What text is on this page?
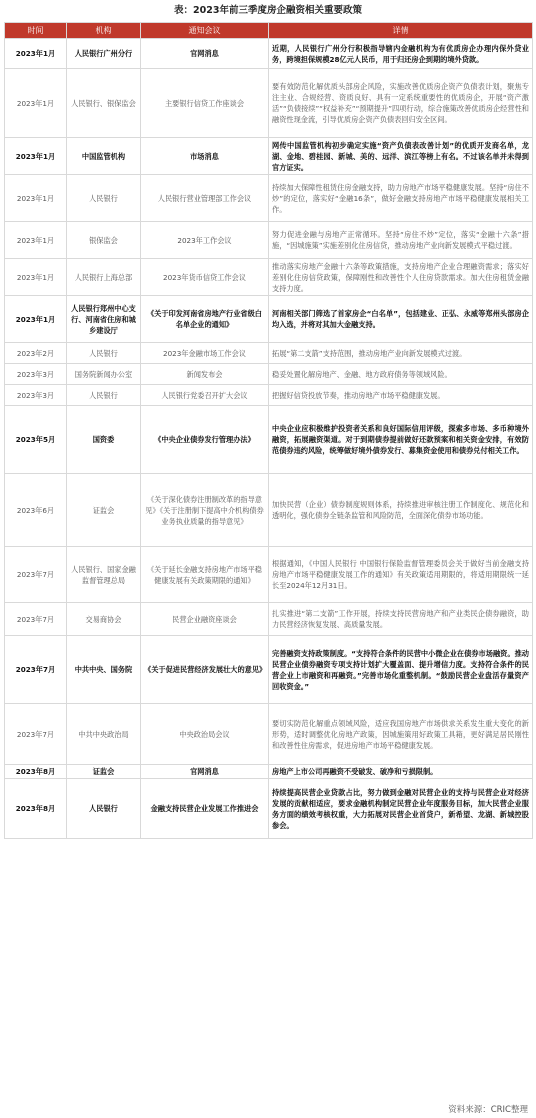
表：2023年前三季度房企融资相关重要政策
时间	机构	通知会议	详情
2023年1月	人民银行广州分行	官网消息	近期，人民银行广州分行积极指导辖内金融机构为有优质房企办理内保外贷业务，跨境担保规模28亿元人民币，用于归还房企到期的境外贷款。
2023年1月	人民银行、银保监会	主要银行信贷工作座谈会	要有效防范化解优质头部房企风险，实施改善优质房企资产负债表计划，聚焦专注主业、合规经营、资质良好、具有一定系统重要性的优质房企，开展“资产激活”“负债接续”“权益补充”“预期提升”四项行动，综合施策改善优质房企经营性和融资性现金流，引导优质房企资产负债表回归安全区间。
2023年1月	中国监管机构	市场消息	网传中国监管机构初步确定实施“资产负债表改善计划”的优质开发商名单，龙湖、金地、碧桂园、新城、美的、远洋、滨江等榜上有名。不过该名单并未得到官方证实。
2023年1月	人民银行	人民银行营业管理部工作会议	持续加大保障性租赁住房金融支持，助力房地产市场平稳健康发展。坚持“房住不炒”的定位，落实好“金融16条”，做好金融支持房地产市场平稳健康发展相关工作。
2023年1月	银保监会	2023年工作会议	努力促进金融与房地产正常循环。坚持“房住不炒”定位，落实“金融十六条”措施，“因城施策”实施差别化住房信贷，推动房地产业向新发展模式平稳过渡。
2023年1月	人民银行上海总部	2023年货币信贷工作会议	推动落实房地产金融十六条等政策措施，支持房地产企业合理融资需求；落实好差别化住房信贷政策，保障刚性和改善性个人住房贷款需求。加大住房租赁金融支持力度。
2023年1月	人民银行郑州中心支行、河南省住房和城乡建设厅	《关于印发河南省房地产行业省级白名单企业的通知》	河南相关部门筛选了首家房企“白名单”，包括建业、正弘、永威等郑州头部房企均入选，并将对其加大金融支持。
2023年2月	人民银行	2023年金融市场工作会议	拓展“第二支箭”支持范围，推动房地产业向新发展模式过渡。
2023年3月	国务院新闻办公室	新闻发布会	稳妥处置化解房地产、金融、地方政府债务等领域风险。
2023年3月	人民银行	人民银行党委召开扩大会议	把握好信贷投放节奏，推动房地产市场平稳健康发展。
2023年5月	国资委	《中央企业债券发行管理办法》	中央企业应积极维护投资者关系和良好国际信用评级，探索多市场、多币种境外融资，拓展融资渠道。对于到期债券提前做好还款预案和相关资金安排，有效防范债券违约风险，统筹做好境外债券发行、募集资金使用和债券兑付相关工作。
2023年6月	证监会	《关于深化债券注册制改革的指导意见》《关于注册制下提高中介机构债券业务执业质量的指导意见》	加快民营（企业）债券制度规则体系，持续推进审核注册工作制度化、规范化和透明化，强化债券全链条监管和风险防范，全面深化债券市场功能。
2023年7月	人民银行、国家金融监督管理总局	《关于延长金融支持房地产市场平稳健康发展有关政策期限的通知》	根据通知，《中国人民银行 中国银行保险监督管理委员会关于做好当前金融支持房地产市场平稳健康发展工作的通知》有关政策适用期限的，将适用期限统一延长至2024年12月31日。
2023年7月	交易商协会	民营企业融资座谈会	扎实推进“第二支箭”工作开展，持续支持民营房地产和产业类民企债券融资，助力民营经济恢复发展、高质量发展。
2023年7月	中共中央、国务院	《关于促进民营经济发展壮大的意见》	完善融资支持政策制度。“支持符合条件的民营中小微企业在债券市场融资。推动民营企业债券融资专项支持计划扩大覆盖面、提升增信力度。支持符合条件的民营企业上市融资和再融资。”完善市场化重整机制。“鼓励民营企业盘活存量资产回收资金。”
2023年7月	中共中央政治局	中央政治局会议	要切实防范化解重点领域风险，适应我国房地产市场供求关系发生重大变化的新形势，适时调整优化房地产政策，因城施策用好政策工具箱，更好满足居民刚性和改善性住房需求，促进房地产市场平稳健康发展。
2023年8月	证监会	官网消息	房地产上市公司再融资不受破发、破净和亏损限制。
2023年8月	人民银行	金融支持民营企业发展工作推进会	持续提高民营企业贷款占比，努力做到金融对民营企业的支持与民营企业对经济发展的贡献相适应，要求金融机构制定民营企业年度服务目标，加大民营企业服务方面的绩效考核权重，大力拓展对民营企业首贷户，新希望、龙湖、新城控股参会。
资料来源：CRIC整理
